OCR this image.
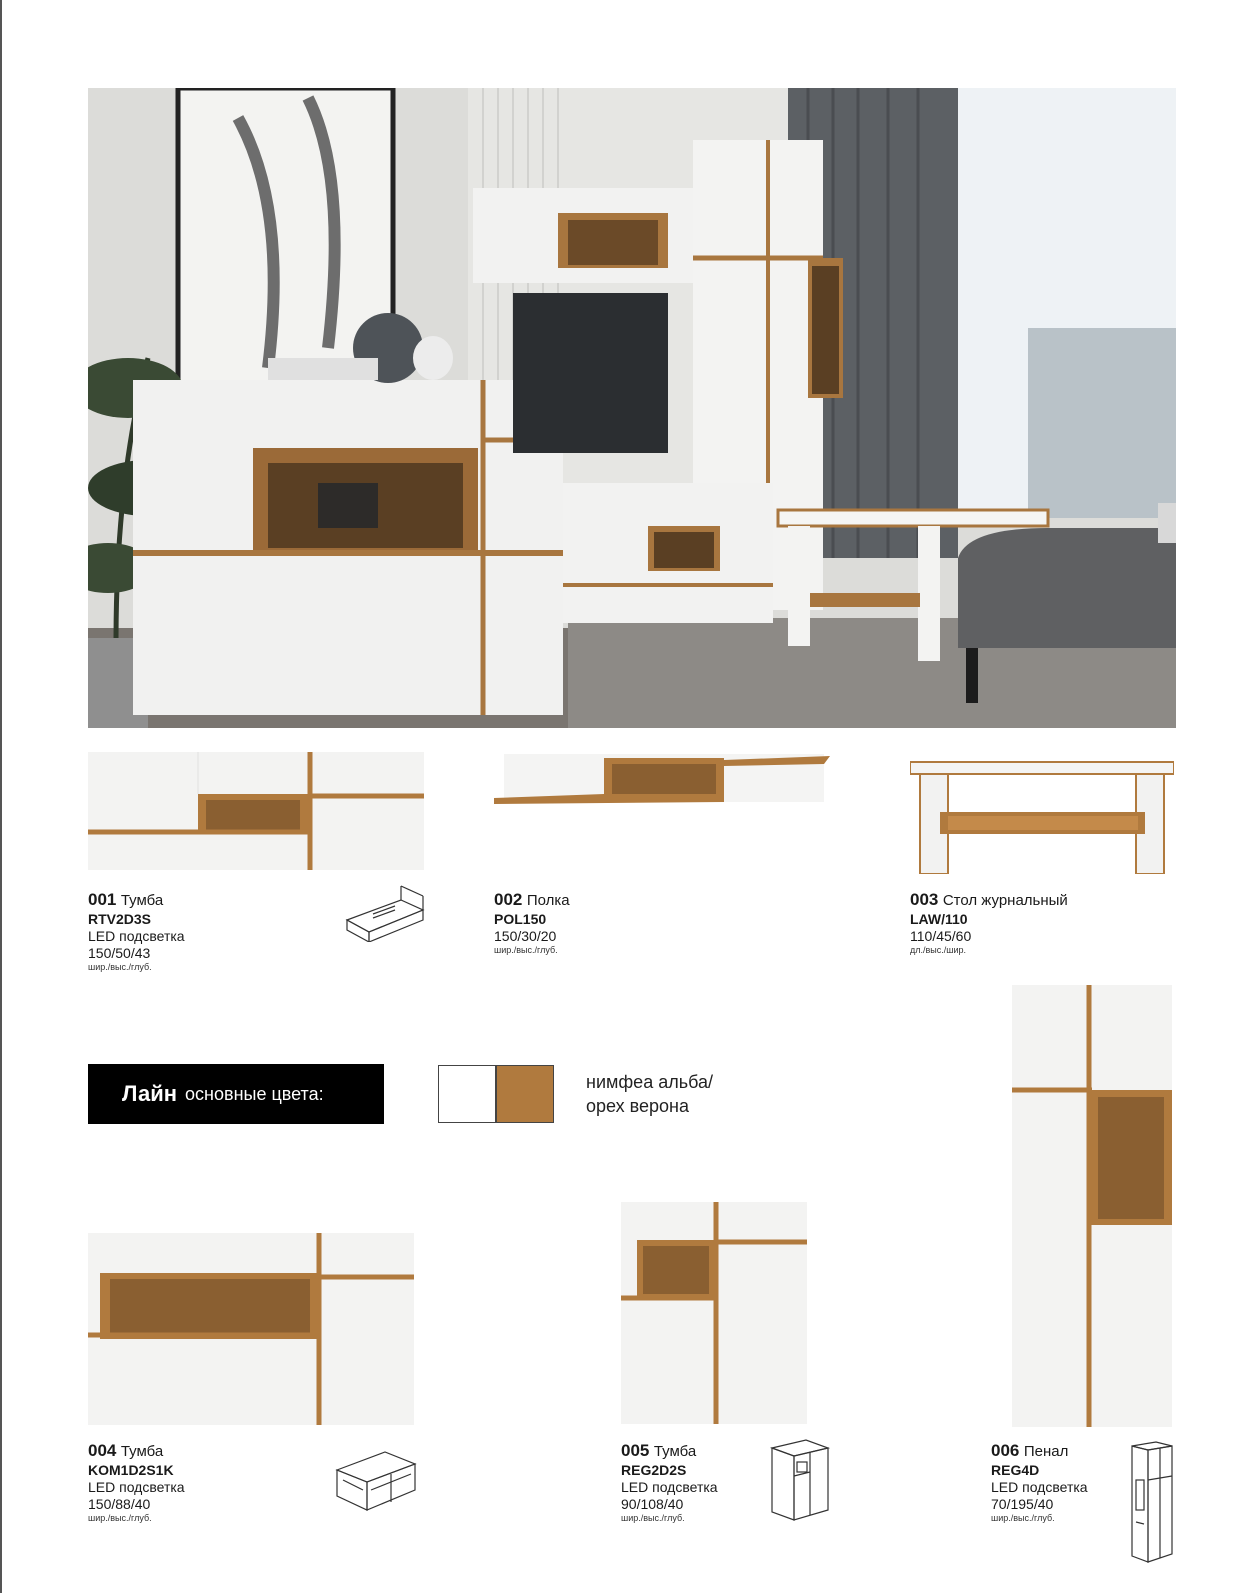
001 Тумба
RTV2D3S
LED подсветка
150/50/43
шир./выс./глуб.
002 Полка
POL150
150/30/20
шир./выс./глуб.
003 Стол журнальный
LAW/110
110/45/60
дл./выс./шир.
Лайн основные цвета:
нимфеа альба/
орех верона
004 Тумба
KOM1D2S1K
LED подсветка
150/88/40
шир./выс./глуб.
005 Тумба
REG2D2S
LED подсветка
90/108/40
шир./выс./глуб.
006 Пенал
REG4D
LED подсветка
70/195/40
шир./выс./глуб.
